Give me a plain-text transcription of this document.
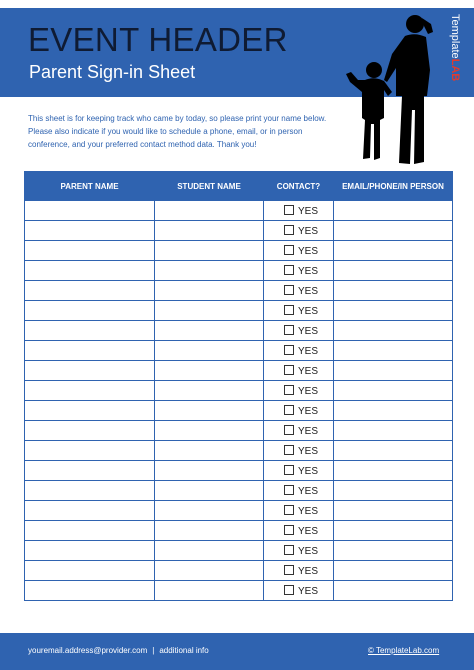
EVENT HEADER
Parent Sign-in Sheet
TemplateLAB
This sheet is for keeping track who came by today, so please print your name below. Please also indicate if you would like to schedule a phone, email, or in person conference, and your preferred contact method data. Thank you!
PARENT NAME	STUDENT NAME	CONTACT?	EMAIL/PHONE/IN PERSON
		YES	
		YES	
		YES	
		YES	
		YES	
		YES	
		YES	
		YES	
		YES	
		YES	
		YES	
		YES	
		YES	
		YES	
		YES	
		YES	
		YES	
		YES	
		YES	
		YES	
youremail.address@provider.com | additional info	© TemplateLab.com
